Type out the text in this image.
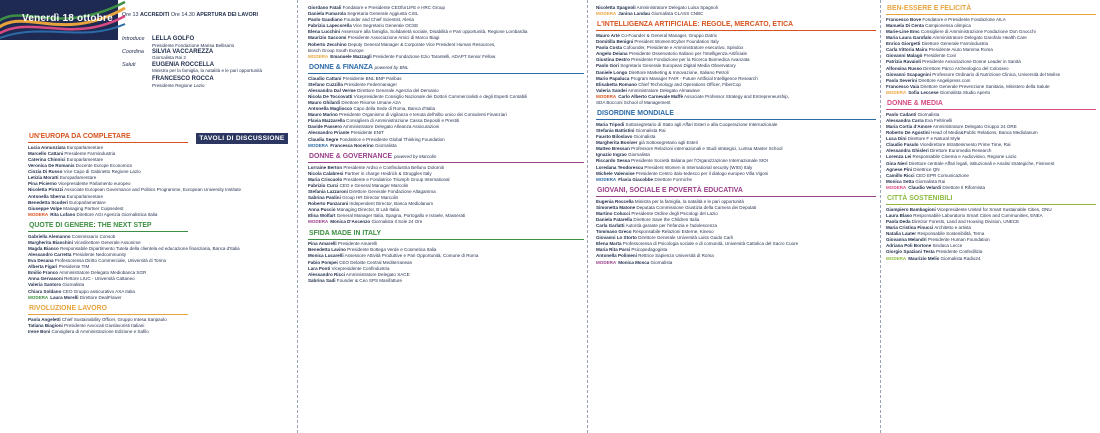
Venerdì 18 ottobre Ore 13 ACCREDITI Ore 14.30 APERTURA DEI LAVORI
Introduce	LELLA GOLFO
Presidente Fondazione Marisa Bellisario
Coordina	SILVIA VACCAREZZA
Giornalista Rai 2
Saluti	EUGENIA ROCCELLA
Ministra per la famiglia, la natalità e le pari opportunità
FRANCESCO ROCCA
Presidente Regione Lazio
TAVOLI DI DISCUSSIONE
UN'EUROPA DA COMPLETARE
Lucia Annunziata Europarlamentare
Marcello Cattani Presidente Farmindustria
Caterina Chinnici Europarlamentare
Veronica De Romanis Docente Europe Economics
Cinzia Di Russo Vice Capo di Gabinetto Regione Lazio
Letizia Moratti Europarlamentare
Pina Picierno Vicepresidente Parlamento europeo
Nicoletta Pirozzi Associate European Governance and Politics Programme, European University Institute
Antonella Sberna Europarlamentare
Benedetta Scuderi Europarlamentare
Giuseppe Volpe Managing Partner Cuipsedest
MODERA Rita Lofano Direttore AGI Agenzia Giornalistica Italia
QUOTE DI GENERE: THE NEXT STEP
Gabriella Alemanno Commissario Consob
Margherita Bianchini Vicedirettore Generale Assonime
Magda Bianco Responsabile Dipartimento Tutela della clientela ed educazione finanziaria, Banca d'Italia
Alessandro Carretta Presidente Nedcommunity
Eva Desana Professoressa Diritto Commerciale, Università di Torino
Alberta Figari Presidente TIM
Emilio Franco Amministratore Delegato Mediobanca SGR
Anna Gervasoni Rettore LIUC - Università Cattaneo
Valeria Santoro Giornalista
Chiara Soldano CEO Gruppo assicurativo AXA Italia
MODERA Laura Morelli Direttore DealFlower
RIVOLUZIONE LAVORO
Paola Angeletti Chief Sustainability Officer, Gruppo Intesa Sanpaolo
Tatiana Biagioni Presidente Avvocati Giuslavoristi Italiani
Irene Boni Consigliera di Amministrazione Edizione e Safilo
Giordano Fatali Fondatore e Presidente CEOforLIFE e HRC Group
Daniela Fumarola Segretaria Generale Aggiunta CISL
Paolo Gaudiano Founder and Chief Scientist, Aleria
Fabrizia Lapecorella Vice Segretario Generale OCSE
Elena Lucchini Assessore alla famiglia, Solidarietà sociale, Disabilità e Pari opportunità, Regione Lombardia
Maurizio Saccomi Presidente Associazione Amici di Marco Biagi
Roberto Zecchino Deputy General Manager & Corporate Vice President Human Resources,
Bosch Group South Europe
MODERA Emanuele Mazzagli Presidente Fondazione Ezio Tarantelli, ADAPT Senior Fellow
DONNE & FINANZA powered by BNL
Claudio Cattani Presidente BNL BNP Paribas
Stefano Cuzzilla Presidente Federmanager
Alessandra Dal Verme Direttore Generale Agenzia del Demanio
Nicola De Toccovatti Vicepresidente Consiglio Nazionale dei Dottori Commercialisti e degli Esperti Contabili
Mauro Ghilardi Direttore Risorse Umane A2A
Antonella Magliocco Capo della Sede di Roma, Banca d'Italia
Mauro Marino Presidente Organismo di vigilanza e tenuta dell'albo unico dei Consulenti Finanziari
Flavia Mazzarella Consigliera di Amministrazione Cassa Depositi e Prestiti
Davide Passero Amministratore Delegato Alleanza Assicurazioni
Alessandro Priante Presidente ENIT
Claudia Segre Fondatrice e Presidente Global Thinking Foundation
MODERA Francesca Nocerino Giornalista
DONNE & GOVERNANCE powered by Marcolin
Lorraine Berton Presidente Ardso e Confindustria Belluno Dolomiti
Nicola Calabresi Partner in charge Heidrick & Struggles Italy
Maria Criscuolo Presidente e Fondatrice Triumph Group International
Fabrizio Curci CEO e General Manager Marcolin
Stefania Lazzaroni Direttore Generale Fondazione Altagamma
Sabrina Paolini Group HR Director Marcolin
Roberto Panzarani Independent Director, Banca Mediolanum
Anna Puccio Managing Director, B Lab Italia
Elisa Wolfart General Manager Italia, Spagna, Portogallo e Israele, Masserati
MODERA Monica D'Ascenzo Giornalista Il Sole 24 Ore
SFIDA MADE IN ITALY
Pina Amarelli Presidente Amarelli
Benedetta Lavino Presidente Bottega Verde e Cosmetica Italia
Monica Lucarelli Assessore Attività Produttive e Pari Opportunità, Comune di Roma
Fabio Pompei CEO Deloitte Central Mediterranean
Lara Ponti Vicepresidente Confindustria
Alessandro Ricci Amministratore Delegato SACE
Sabrina Sadi Founder & Ceo SPS Manifatture
Nicoletta Spagnoli Amministratore Delegato Luisa Spagnoli
MODERA Janina Landau Giornalista CLASS CNBC
L'INTELLIGENZA ARTIFICIALE: REGOLE, MERCATO, ETICA
Mauro Arte Co-Founder & General Manager, Gruppo Datrix
Domitilla Benigni President Women4Cyber Foundation Italy
Paola Costa Cofounder, Presidente e Amministratore esecutivo, Spindox
Angelo Deiana Presidente Osservatorio Italiano per l'Intelligenza Artificiale
Giustina Destro Presidente Fondazione per la Ricerca Biomedica Avanzata
Paolo Gori Segretario Generale European Digital Media Observatory
Daniele Longo Direttore Marketing & Innovazione, Italiano Petroli
Mario Papaluca Program Manager FAIR - Future Artificial Intelligence Research
Elisabetta Romano Chief Technology and Operations Officer, FiberCop
Valeria Sandei Amministratore Delegato Almawave
MODERA Carlo Alberto Carnevale Maffè Associate Professor Strategy and Entrepreneurship,
SDA Bocconi School of Management
DISORDINE MONDIALE
Maria Tripodi Sottosegretario di Stato agli Affari Esteri e alla Cooperazione Internazionale
Stefania Battistini Giornalista Rai
Fausto Biloslavo Giornalista
Margherita Boniver già Sottosegretario agli Esteri
Matteo Bressan Professore Relazioni internazionali e Studi strategici, Lumsa Master School
Ignazio Ingrao Giornalista
Riccardo Sessa Presidente Società Italiana per l'Organizzazione Internazionale SIOI
Loredana Teodorescu President Women in International security (WIIS) Italy
Michele Valensise Presidente Centro italo-tedesco per il dialogo europeo Villa Vigoni
MODERA Flavia Giacobbe Direttore Formiche
GIOVANI, SOCIALE E POVERTÀ EDUCATIVA
Eugenia Roccella Ministra per la famiglia, la natalità e le pari opportunità
Simonetta Matone Deputata Commissione Giustizia della Camera dei Deputati
Martino Colucci Presidente Ordine degli Psicologi del Lazio
Daniela Fatarella Direttore Save the Children Italia
Carla Garlatti Autorità garante per l'infanzia e l'adolescenza
Tommaso Greco Responsabile Relazioni Esterne, Kinexo
Giovanni Lo Storto Direttore Generale Università Luiss Guido Carli
Elena Marta Professoressa di Psicologia sociale e di comunità, Università Cattolica del Sacro Cuore
Maria Rita Parsi Psicopedagogista
Antonella Polimeni Rettrice Sapienza Università di Roma
MODERA Monica Mosca Giornalista
BEN-ESSERE E FELICITÀ
Francesco Bove Fondatore e Presidente Fondazione AILA
Manuela Di Centa Campionessa olimpica
Marie-Line Emc Consigliere di Amministrazione Fondazione Don Gnocchi
Maria Laura Garofalo Amministratore Delegato Garofalo Health Care
Enrico Giorgetti Direttore Generale Farmindustria
Carla Vittoria Maira Presidente Aiuto Mamma Roma
Giovanni Malagò Presidente Coni
Patrizia Ravaioli Presidente Associazione Donne Leader in Sanità
Alfonsina Russo Direttore Parco Archeologico del Colosseo
Giovanni Scapagnini Professore Ordinario di Nutrizione Clinica, Università del Molise
Paola Severini Direttore Angelipress.com
Francesco Vaia Direttore Generale Prevenzione Sanitaria, Ministero della Salute
MODERA Sofia Leccese Giornalista Studio Aperto
DONNE & MEDIA
Paolo Cadanti Giornalista
Alessandra Carra Eva Feltrinelli
Maria Cortia d'Amore Amministratore Delegato Gruppo 24 ORE
Roberto De Agostini Head of Media&Public Relations, Banca Mediolanum
Luca Dini Direttore F e Natural Style
Claudio Fasulo Vicedirettore Intrattenimento Prime Time, Rai
Alessandra Ghisleri Direttore Euromedia Research
Lorenza Lei Responsabile Cinema e Audiovisivo, Regione Lazio
Gina Nieri Direttore centrale Affari legali, istituzionali e Analisi strategiche, Fininvest
Agnese Pini Direttrice QN
Camillo Ricci CEO EPR Comunicazione
Monica Setta Giornalista Rai
MODERA Claudio Velardi Direttore Il Riformista
CITTÀ SOSTENIBILI
Giampiero Bambagioni Vicepresidente United for Smart Sustainable Cities, ONU
Laura Blaso Responsabile Laboratorio Smart Cities and Communities, ENEA
Paola Deda Director Forests, Land and Housing Division, UNECE
Maria Cristina Finucci Architetto e artista
Natalia Lauter Responsabile Sostenibilità, Tema
Giovanna Melandri Presidente Human Foundation
Adriana Poli Bortone Sindaca Lecce
Giorgio Spaziani Testa Presidente Confedilizia
MODERA Maurizio Melis Giornalista Radio24
